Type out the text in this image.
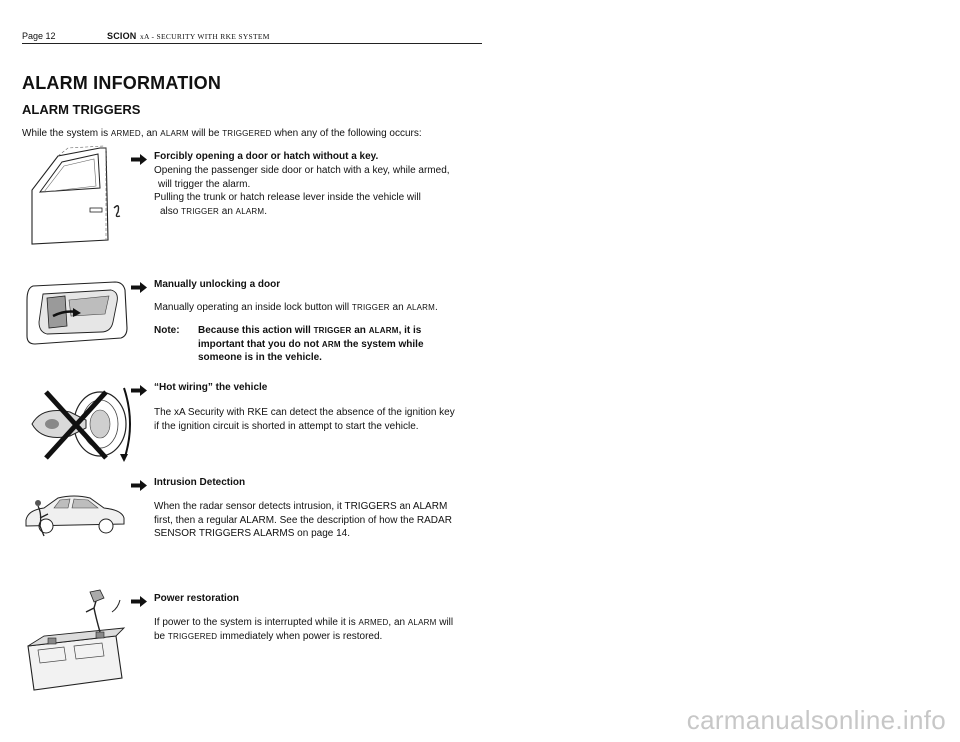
Page 12	SCION xA - SECURITY WITH RKE SYSTEM
ALARM INFORMATION
ALARM TRIGGERS
While the system is ARMED, an ALARM will be TRIGGERED when any of the following occurs:
Forcibly opening a door or hatch without a key.
Opening the passenger side door or hatch with a key, while armed,
will trigger the alarm.
Pulling the trunk or hatch release lever inside the vehicle will
also TRIGGER an ALARM.
Manually unlocking a door
Manually operating an inside lock button will TRIGGER an ALARM.
Note: Because this action will TRIGGER an ALARM, it is
important that you do not ARM the system while
someone is in the vehicle.
“Hot wiring” the vehicle
The xA Security with RKE can detect the absence of the ignition key
if the ignition circuit is shorted in attempt to start the vehicle.
Intrusion Detection
When the radar sensor detects intrusion, it TRIGGERS an ALARM
first, then a regular ALARM. See the description of how the RADAR
SENSOR TRIGGERS ALARMS on page 14.
Power restoration
If power to the system is interrupted while it is ARMED, an ALARM will
be TRIGGERED immediately when power is restored.
carmanualsonline.info
